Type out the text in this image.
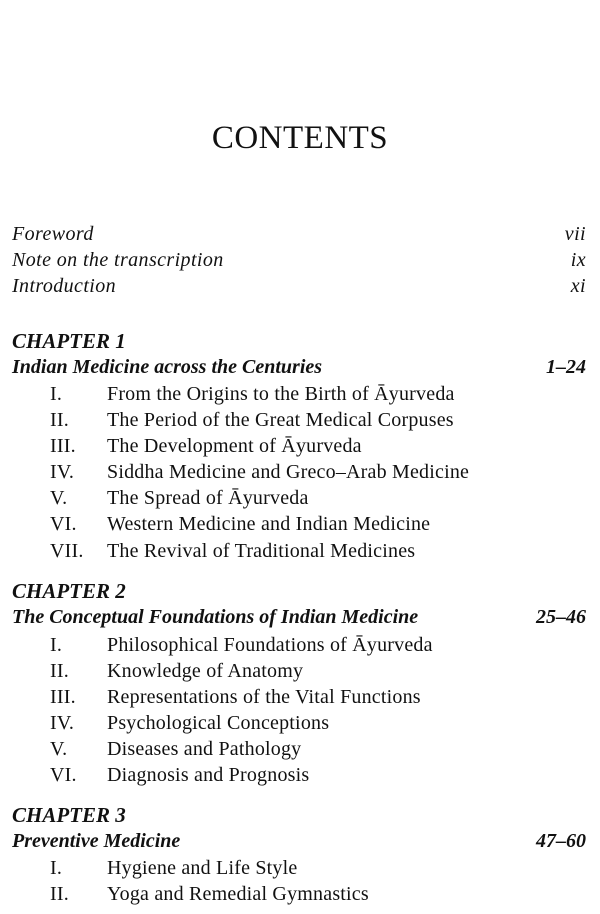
CONTENTS
Foreword	vii
Note on the transcription	ix
Introduction	xi
CHAPTER 1
Indian Medicine across the Centuries	1–24
I. From the Origins to the Birth of Āyurveda
II. The Period of the Great Medical Corpuses
III. The Development of Āyurveda
IV. Siddha Medicine and Greco–Arab Medicine
V. The Spread of Āyurveda
VI. Western Medicine and Indian Medicine
VII. The Revival of Traditional Medicines
CHAPTER 2
The Conceptual Foundations of Indian Medicine	25–46
I. Philosophical Foundations of Āyurveda
II. Knowledge of Anatomy
III. Representations of the Vital Functions
IV. Psychological Conceptions
V. Diseases and Pathology
VI. Diagnosis and Prognosis
CHAPTER 3
Preventive Medicine	47–60
I. Hygiene and Life Style
II. Yoga and Remedial Gymnastics
